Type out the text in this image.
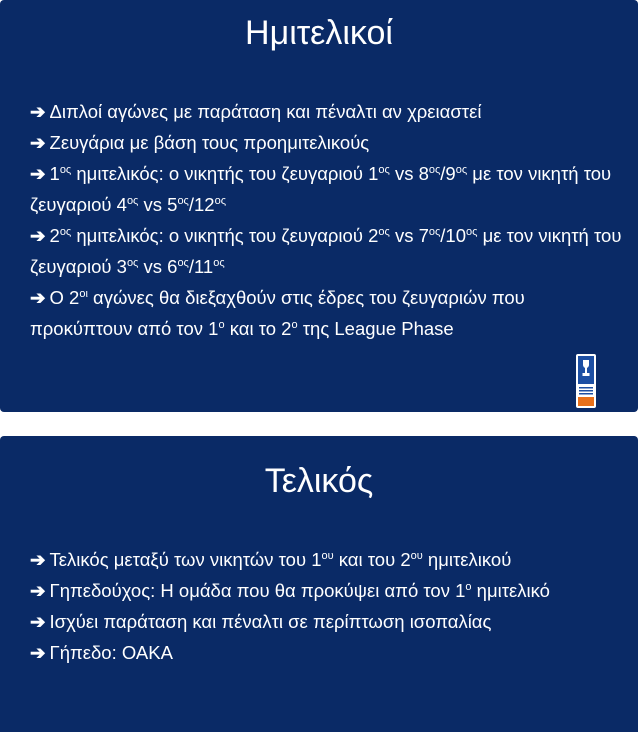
Ημιτελικοί
➔ Διπλοί αγώνες με παράταση και πέναλτι αν χρειαστεί
➔ Ζευγάρια με βάση τους προημιτελικούς
➔ $1^{o\varsigma}$ ημιτελικός: ο νικητής του ζευγαριού $1^{o\varsigma}$ vs $8^{o\varsigma}/9^{o\varsigma}$ με τον νικητή του ζευγαριού $4^{o\varsigma}$ vs $5^{o\varsigma}/12^{o\varsigma}$
➔ $2^{o\varsigma}$ ημιτελικός: ο νικητής του ζευγαριού $2^{o\varsigma}$ vs $7^{o\varsigma}/10^{o\varsigma}$ με τον νικητή του ζευγαριού $3^{o\varsigma}$ vs $6^{o\varsigma}/11^{o\varsigma}$
➔ Ο $2^{o\iota}$ αγώνες θα διεξαχθούν στις έδρες του ζευγαριών που προκύπτουν από τον $1^o$ και το $2^o$ της League Phase
Τελικός
➔ Τελικός μεταξύ των νικητών του $1^{o\upsilon}$ και του $2^{o\upsilon}$ ημιτελικού
➔ Γηπεδούχος: Η ομάδα που θα προκύψει από τον $1^o$ ημιτελικό
➔ Ισχύει παράταση και πέναλτι σε περίπτωση ισοπαλίας
➔ Γήπεδο: ΟΑΚΑ
